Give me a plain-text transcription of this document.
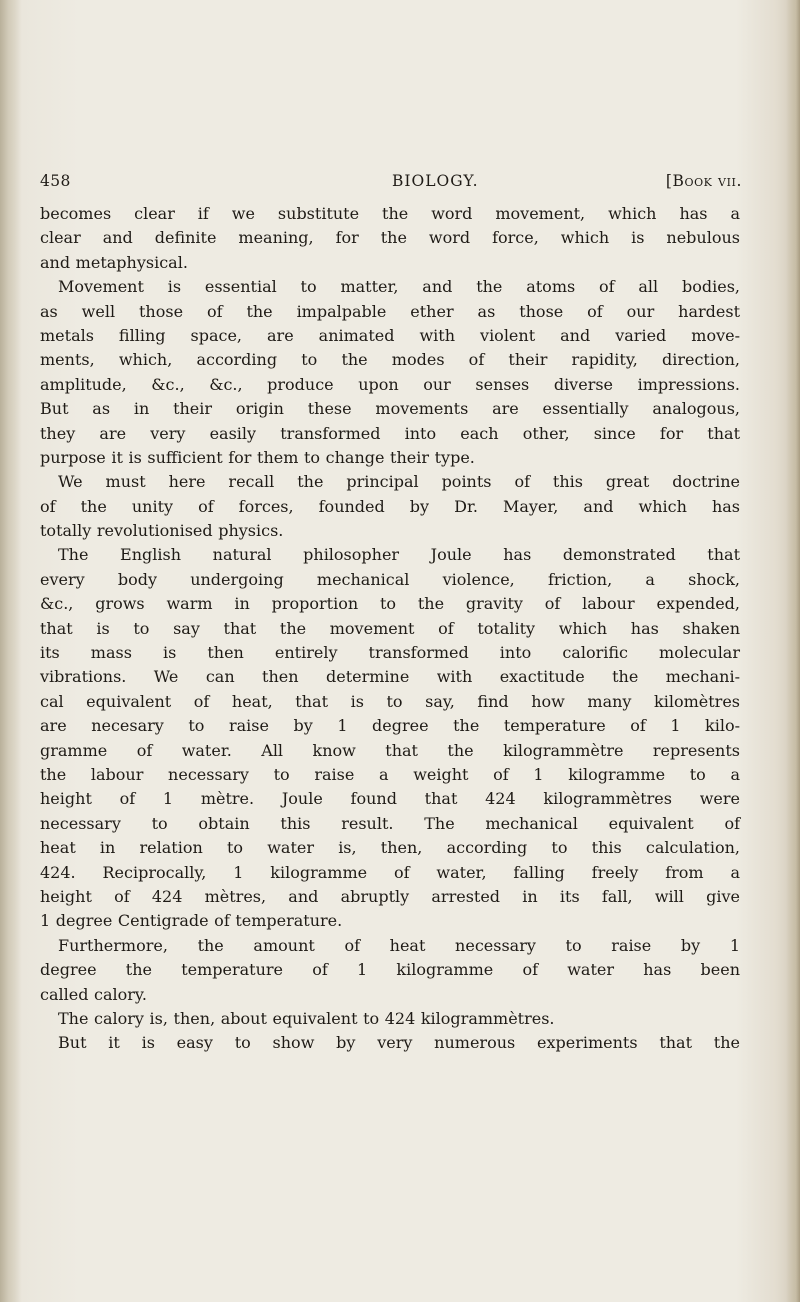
458	BIOLOGY.	[Book vii.
becomes clear if we substitute the word movement, which has a
clear and definite meaning, for the word force, which is nebulous
and metaphysical.
Movement is essential to matter, and the atoms of all bodies,
as well those of the impalpable ether as those of our hardest
metals filling space, are animated with violent and varied move-
ments, which, according to the modes of their rapidity, direction,
amplitude, &c., &c., produce upon our senses diverse impressions.
But as in their origin these movements are essentially analogous,
they are very easily transformed into each other, since for that
purpose it is sufficient for them to change their type.
We must here recall the principal points of this great doctrine
of the unity of forces, founded by Dr. Mayer, and which has
totally revolutionised physics.
The English natural philosopher Joule has demonstrated that
every body undergoing mechanical violence, friction, a shock,
&c., grows warm in proportion to the gravity of labour expended,
that is to say that the movement of totality which has shaken
its mass is then entirely transformed into calorific molecular
vibrations. We can then determine with exactitude the mechani-
cal equivalent of heat, that is to say, find how many kilomètres
are necesary to raise by 1 degree the temperature of 1 kilo-
gramme of water. All know that the kilogrammètre represents
the labour necessary to raise a weight of 1 kilogramme to a
height of 1 mètre. Joule found that 424 kilogrammètres were
necessary to obtain this result. The mechanical equivalent of
heat in relation to water is, then, according to this calculation,
424. Reciprocally, 1 kilogramme of water, falling freely from a
height of 424 mètres, and abruptly arrested in its fall, will give
1 degree Centigrade of temperature.
Furthermore, the amount of heat necessary to raise by 1
degree the temperature of 1 kilogramme of water has been
called calory.
The calory is, then, about equivalent to 424 kilogrammètres.
But it is easy to show by very numerous experiments that the
